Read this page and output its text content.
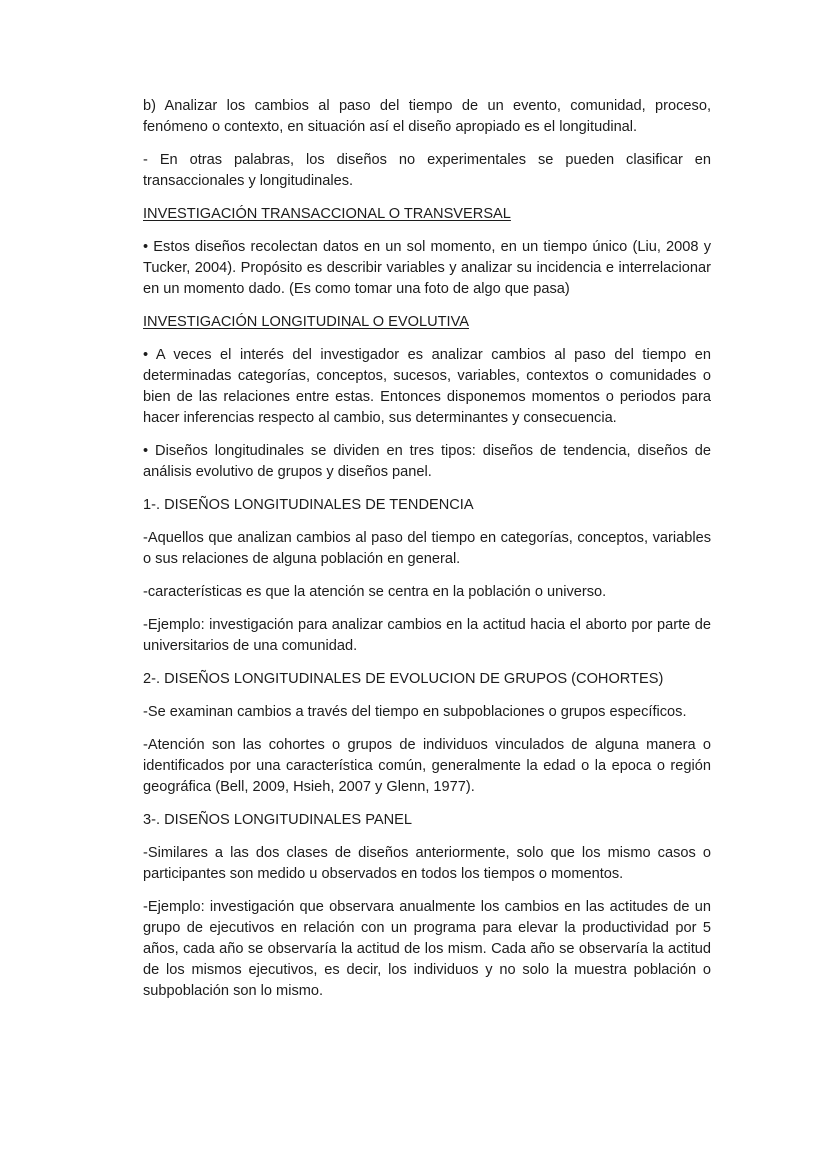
b) Analizar los cambios al paso del tiempo de un evento, comunidad, proceso, fenómeno o contexto, en situación así el diseño apropiado es el longitudinal.

- En otras palabras, los diseños no experimentales se pueden clasificar en transaccionales y longitudinales.

INVESTIGACIÓN TRANSACCIONAL O TRANSVERSAL

• Estos diseños recolectan datos en un sol momento, en un tiempo único (Liu, 2008 y Tucker, 2004). Propósito es describir variables y analizar su incidencia e interrelacionar en un momento dado. (Es como tomar una foto de algo que pasa)

INVESTIGACIÓN LONGITUDINAL O EVOLUTIVA

• A veces el interés del investigador es analizar cambios al paso del tiempo en determinadas categorías, conceptos, sucesos, variables, contextos o comunidades o bien de las relaciones entre estas. Entonces disponemos momentos o periodos para hacer inferencias respecto al cambio, sus determinantes y consecuencia.

• Diseños longitudinales se dividen en tres tipos: diseños de tendencia, diseños de análisis evolutivo de grupos y diseños panel.

1-. DISEÑOS LONGITUDINALES DE TENDENCIA

-Aquellos que analizan cambios al paso del tiempo en categorías, conceptos, variables o sus relaciones de alguna población en general.

-características es que la atención se centra en la población o universo.

-Ejemplo: investigación para analizar cambios en la actitud hacia el aborto por parte de universitarios de una comunidad.

2-. DISEÑOS LONGITUDINALES DE EVOLUCION DE GRUPOS (COHORTES)

-Se examinan cambios a través del tiempo en subpoblaciones o grupos específicos.

-Atención son las cohortes o grupos de individuos vinculados de alguna manera o identificados por una característica común, generalmente la edad o la epoca o región geográfica (Bell, 2009, Hsieh, 2007 y Glenn, 1977).

3-. DISEÑOS LONGITUDINALES PANEL

-Similares a las dos clases de diseños anteriormente, solo que los mismo casos o participantes son medido u observados en todos los tiempos o momentos.

-Ejemplo: investigación que observara anualmente los cambios en las actitudes de un grupo de ejecutivos en relación con un programa para elevar la productividad por 5 años, cada año se observaría la actitud de los mism. Cada año se observaría la actitud de los mismos ejecutivos, es decir, los individuos y no solo la muestra población o subpoblación son lo mismo.
